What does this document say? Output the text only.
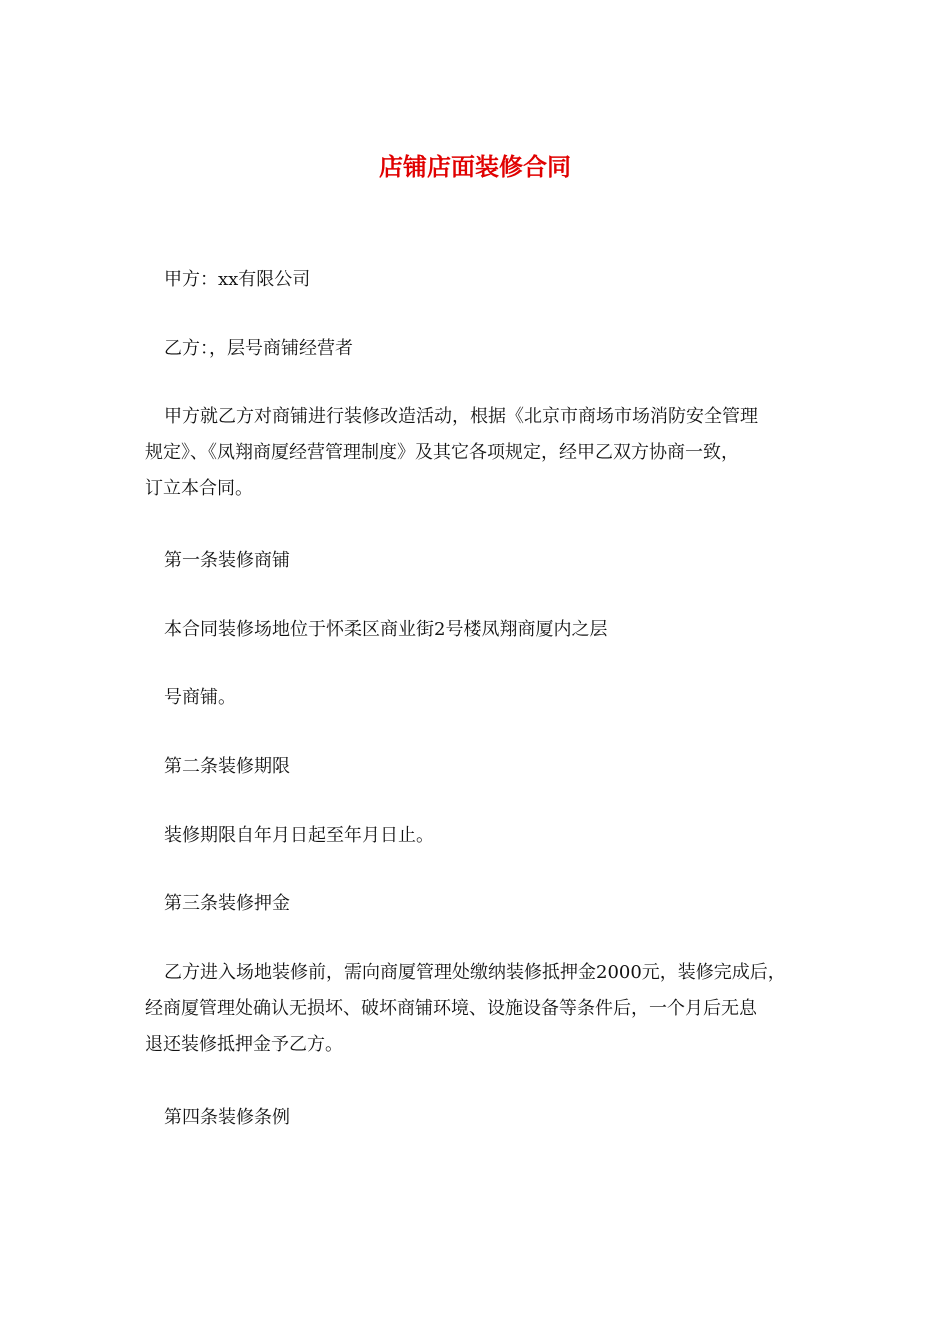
店铺店面装修合同

甲方：xx有限公司

乙方：，层号商铺经营者

甲方就乙方对商铺进行装修改造活动，根据《北京市商场市场消防安全管理
规定》、《凤翔商厦经营管理制度》及其它各项规定，经甲乙双方协商一致，
订立本合同。

第一条装修商铺

本合同装修场地位于怀柔区商业街2号楼凤翔商厦内之层

号商铺。

第二条装修期限

装修期限自年月日起至年月日止。

第三条装修押金

乙方进入场地装修前，需向商厦管理处缴纳装修抵押金2000元，装修完成后，
经商厦管理处确认无损坏、破坏商铺环境、设施设备等条件后，一个月后无息
退还装修抵押金予乙方。

第四条装修条例
